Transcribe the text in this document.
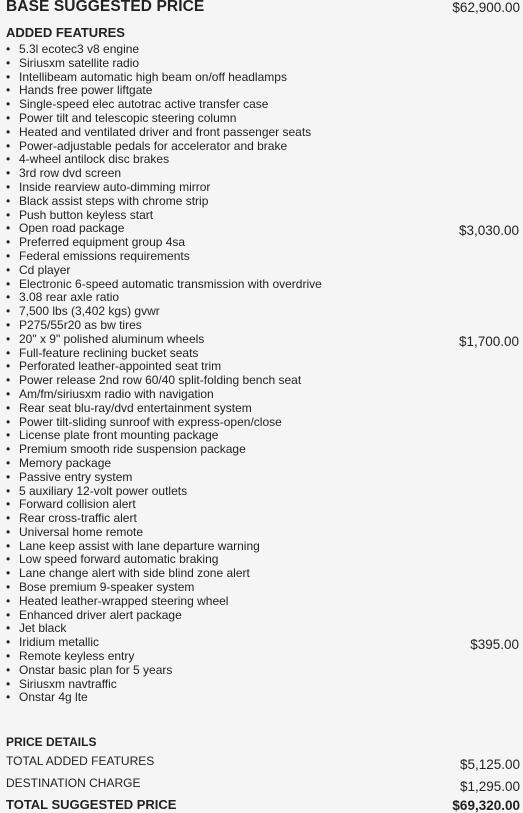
BASE SUGGESTED PRICE	$62,900.00
ADDED FEATURES
• 5.3l ecotec3 v8 engine
• Siriusxm satellite radio
• Intellibeam automatic high beam on/off headlamps
• Hands free power liftgate
• Single-speed elec autotrac active transfer case
• Power tilt and telescopic steering column
• Heated and ventilated driver and front passenger seats
• Power-adjustable pedals for accelerator and brake
• 4-wheel antilock disc brakes
• 3rd row dvd screen
• Inside rearview auto-dimming mirror
• Black assist steps with chrome strip
• Push button keyless start
• Open road package	$3,030.00
• Preferred equipment group 4sa
• Federal emissions requirements
• Cd player
• Electronic 6-speed automatic transmission with overdrive
• 3.08 rear axle ratio
• 7,500 lbs (3,402 kgs) gvwr
• P275/55r20 as bw tires
• 20" x 9" polished aluminum wheels	$1,700.00
• Full-feature reclining bucket seats
• Perforated leather-appointed seat trim
• Power release 2nd row 60/40 split-folding bench seat
• Am/fm/siriusxm radio with navigation
• Rear seat blu-ray/dvd entertainment system
• Power tilt-sliding sunroof with express-open/close
• License plate front mounting package
• Premium smooth ride suspension package
• Memory package
• Passive entry system
• 5 auxiliary 12-volt power outlets
• Forward collision alert
• Rear cross-traffic alert
• Universal home remote
• Lane keep assist with lane departure warning
• Low speed forward automatic braking
• Lane change alert with side blind zone alert
• Bose premium 9-speaker system
• Heated leather-wrapped steering wheel
• Enhanced driver alert package
• Jet black
• Iridium metallic	$395.00
• Remote keyless entry
• Onstar basic plan for 5 years
• Siriusxm navtraffic
• Onstar 4g lte
PRICE DETAILS
TOTAL ADDED FEATURES	$5,125.00
DESTINATION CHARGE	$1,295.00
TOTAL SUGGESTED PRICE	$69,320.00
